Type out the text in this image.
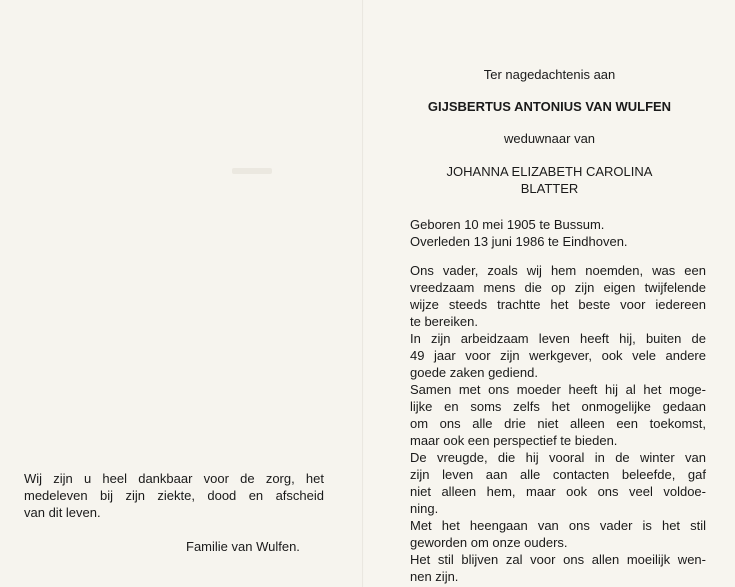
Wij zijn u heel dankbaar voor de zorg, het

medeleven bij zijn ziekte, dood en afscheid

van dit leven.

Familie van Wulfen.
Ter nagedachtenis aan
GIJSBERTUS ANTONIUS VAN WULFEN
weduwnaar van
JOHANNA ELIZABETH CAROLINA
BLATTER
Geboren 10 mei 1905 te Bussum.
Overleden 13 juni 1986 te Eindhoven.

Ons vader, zoals wij hem noemden, was een

vreedzaam mens die op zijn eigen twijfelende

wijze steeds trachtte het beste voor iedereen

te bereiken.

In zijn arbeidzaam leven heeft hij, buiten de

49 jaar voor zijn werkgever, ook vele andere

goede zaken gediend.

Samen met ons moeder heeft hij al het moge-

lijke en soms zelfs het onmogelijke gedaan

om ons alle drie niet alleen een toekomst,

maar ook een perspectief te bieden.

De vreugde, die hij vooral in de winter van

zijn leven aan alle contacten beleefde, gaf

niet alleen hem, maar ook ons veel voldoe-

ning.

Met het heengaan van ons vader is het stil

geworden om onze ouders.

Het stil blijven zal voor ons allen moeilijk wen-

nen zijn.
